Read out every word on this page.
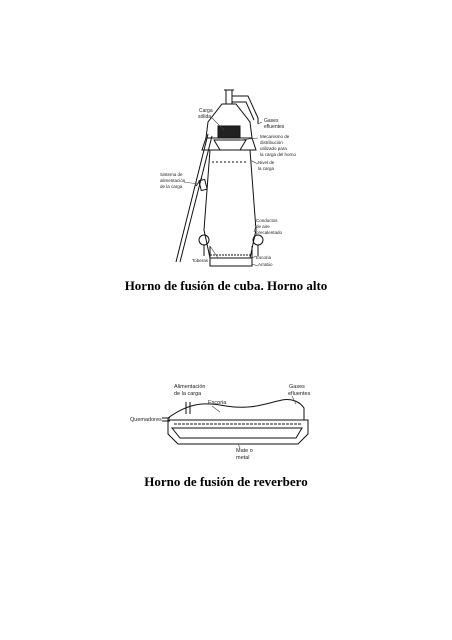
Carga sólida
Gases efluentes
Mecanismo de distribución utilizado para la carga del horno
Nivel de la carga
Sistema de alimentación de la carga
Conductos de aire precalentado
Escoria
Arrabio
Toberas
Alimentación de la carga
Gases efluentes
Escoria
Quemadores
Mate o metal
Horno de fusión de cuba. Horno alto
Horno de fusión de reverbero
